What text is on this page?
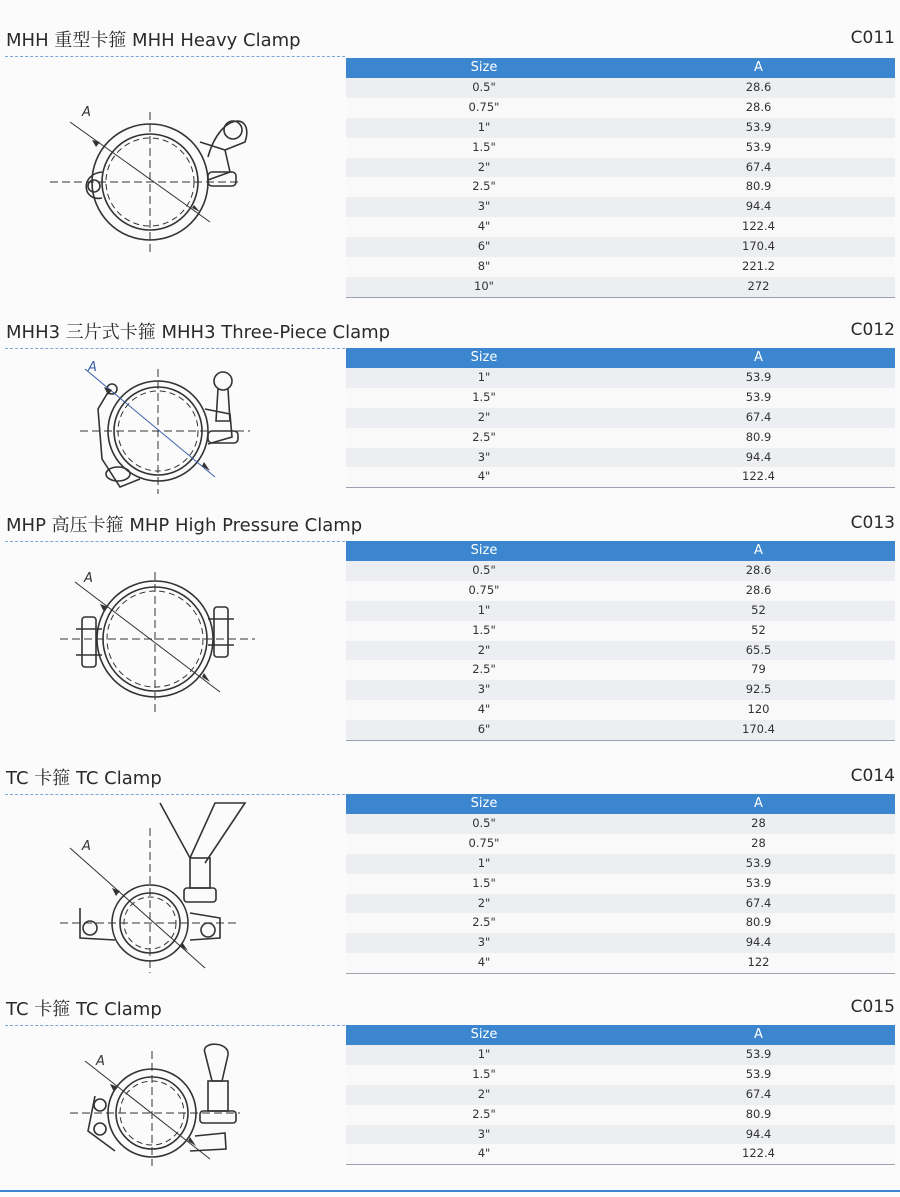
MHH 重型卡箍 MHH Heavy Clamp	C011
A
Size	A
0.5"	28.6
0.75"	28.6
1"	53.9
1.5"	53.9
2"	67.4
2.5"	80.9
3"	94.4
4"	122.4
6"	170.4
8"	221.2
10"	272
MHH3 三片式卡箍 MHH3 Three-Piece Clamp	C012
A
Size	A
1"	53.9
1.5"	53.9
2"	67.4
2.5"	80.9
3"	94.4
4"	122.4
MHP 高压卡箍 MHP High Pressure Clamp	C013
A
Size	A
0.5"	28.6
0.75"	28.6
1"	52
1.5"	52
2"	65.5
2.5"	79
3"	92.5
4"	120
6"	170.4
TC 卡箍 TC Clamp	C014
A
Size	A
0.5"	28
0.75"	28
1"	53.9
1.5"	53.9
2"	67.4
2.5"	80.9
3"	94.4
4"	122
TC 卡箍 TC Clamp	C015
A
Size	A
1"	53.9
1.5"	53.9
2"	67.4
2.5"	80.9
3"	94.4
4"	122.4
